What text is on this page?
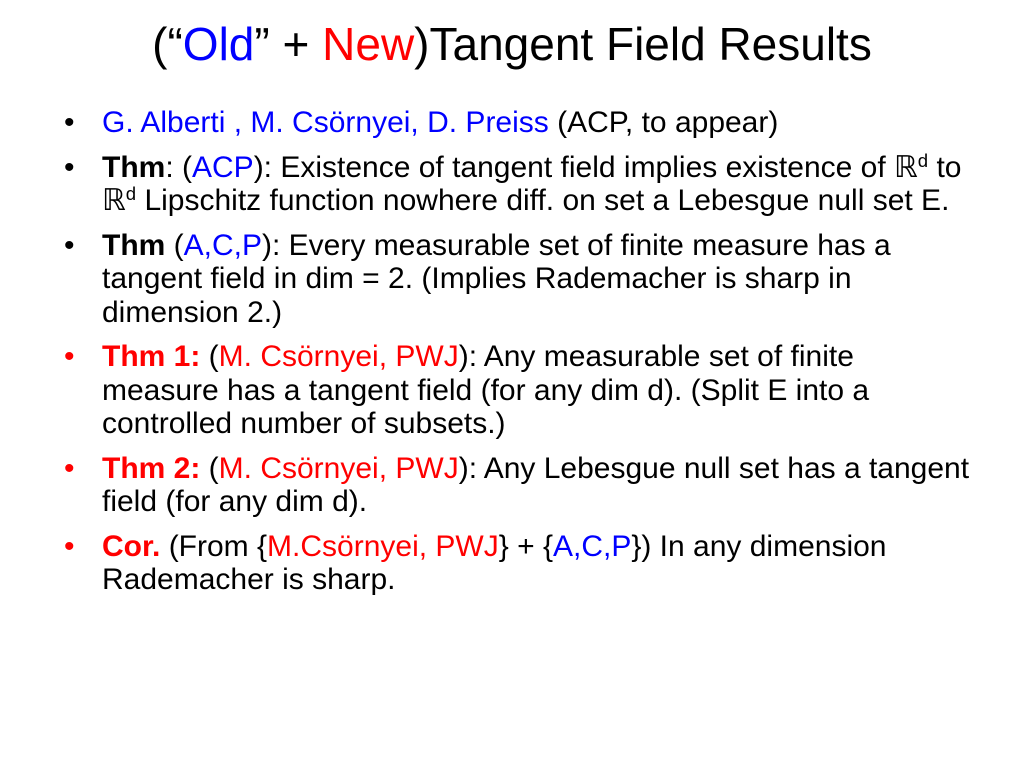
(“Old” + New)Tangent Field Results
• G. Alberti , M. Csörnyei, D. Preiss (ACP, to appear)
• Thm: (ACP): Existence of tangent field implies existence of ℝ$^d$ to ℝ$^d$ Lipschitz function nowhere diff. on set a Lebesgue null set E.
• Thm (A,C,P): Every measurable set of finite measure has a tangent field in dim = 2. (Implies Rademacher is sharp in dimension 2.)
• Thm 1: (M. Csörnyei, PWJ): Any measurable set of finite measure has a tangent field (for any dim d). (Split E into a controlled number of subsets.)
• Thm 2: (M. Csörnyei, PWJ): Any Lebesgue null set has a tangent field (for any dim d).
• Cor. (From {M.Csörnyei, PWJ} + {A,C,P}) In any dimension Rademacher is sharp.
